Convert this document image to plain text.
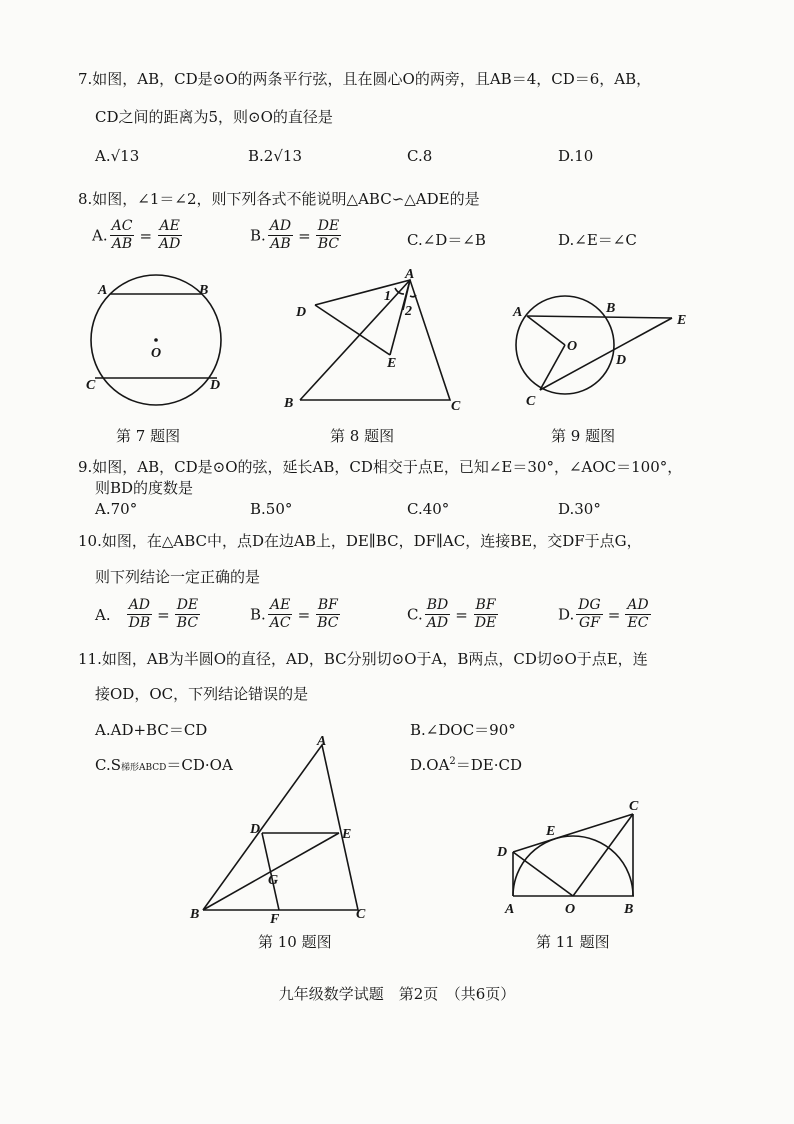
7.如图，AB，CD是⊙O的两条平行弦，且在圆心O的两旁，且AB＝4，CD＝6，AB，
CD之间的距离为5，则⊙O的直径是
A.√13	B.2√13	C.8	D.10
8.如图，∠1＝∠2，则下列各式不能说明△ABC∽△ADE的是
A. $\frac{AC}{AB} = \frac{AE}{AD}$	B. $\frac{AD}{AB} = \frac{DE}{BC}$	C.∠D＝∠B	D.∠E＝∠C
A	B
O
C	D
A
D
1
2
E
B	C
A	B
E
O
D
C
A
D	E
G
B	F	C
C
E
D
A	O	B
第 7 题图	第 8 题图	第 9 题图
9.如图，AB，CD是⊙O的弦，延长AB，CD相交于点E，已知∠E＝30°，∠AOC＝100°，
则BD的度数是
A.70°	B.50°	C.40°	D.30°
10.如图，在△ABC中，点D在边AB上，DE∥BC，DF∥AC，连接BE，交DF于点G，
则下列结论一定正确的是
A. $\frac{AD}{DB} = \frac{DE}{BC}$	B. $\frac{AE}{AC} = \frac{BF}{BC}$	C. $\frac{BD}{AD} = \frac{BF}{DE}$	D. $\frac{DG}{GF} = \frac{AD}{EC}$
11.如图，AB为半圆O的直径，AD，BC分别切⊙O于A，B两点，CD切⊙O于点E，连
接OD，OC，下列结论错误的是
A.AD+BC＝CD	B.∠DOC＝90°
C.S梯形ABCD＝CD·OA	$D.OA^2=DE\cdot CD$
第 10 题图	第 11 题图
九年级数学试题　第2页　（共6页）
